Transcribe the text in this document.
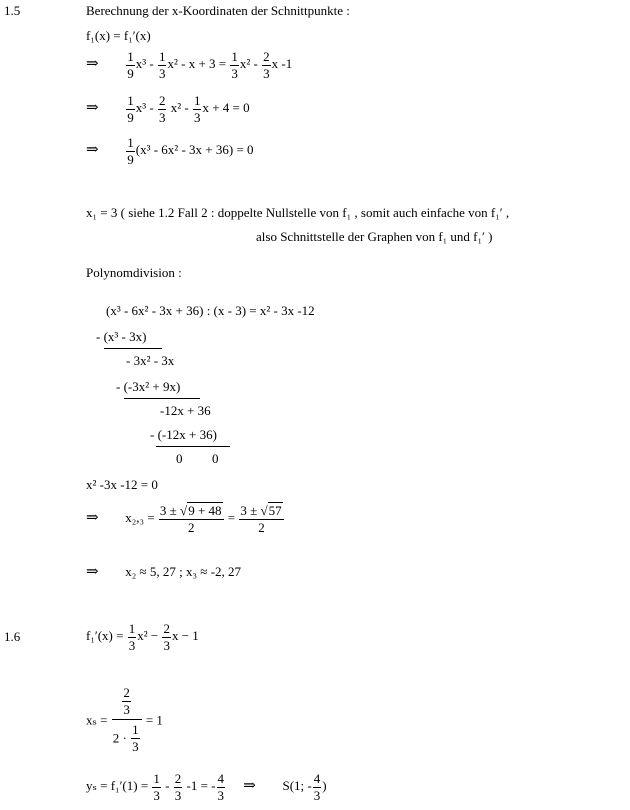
1.5
1.6
Berechnung der x-Koordinaten der Schnittpunkte :
f₁(x) = f₁′(x)
⇒ $\frac{1}{9} x^3 - \frac{1}{3} x^2 - x + 3 = \frac{1}{3} x^2 - \frac{2}{3}$ x -1
⇒ $\frac{1}{9} x^3 - \frac{2}{3} x^2 - \frac{1}{3}$ x + 4 = 0
⇒ $\frac{1}{9} (x^3 - 6x^2 - 3x + 36) = 0$
x₁ = 3 ( siehe 1.2 Fall 2 : doppelte Nullstelle von f₁ , somit auch einfache von f₁′ ,
also Schnittstelle der Graphen von f₁ und f₁′ )
Polynomdivision :
(x³ - 6x² - 3x + 36) : (x - 3) = x² - 3x -12
- (x³ - 3x)
- 3x² - 3x
- (-3x² + 9x)
-12x + 36
- (-12x + 36)
0 0
x² -3x -12 = 0
⇒ $x_2,_3 = \frac{3 \pm √9 + 48}{2} = \frac{3 \pm √57}{2}$
⇒ x₂ ≈ 5, 27 ; x₃ ≈ -2, 27
$f_1'(x) = \frac{1}{3} x^2 - \frac{2}{3}$ x − 1
$x_s = \frac{\frac{2}{3}}{2 \cdot \frac{1}{3}} = 1$
$y_s = f_1'(1) = \frac{1}{3} - \frac{2}{3} -1$ = - $\frac{4}{3}$ ⇒ S(1; - $\frac{4}{3}$ )
